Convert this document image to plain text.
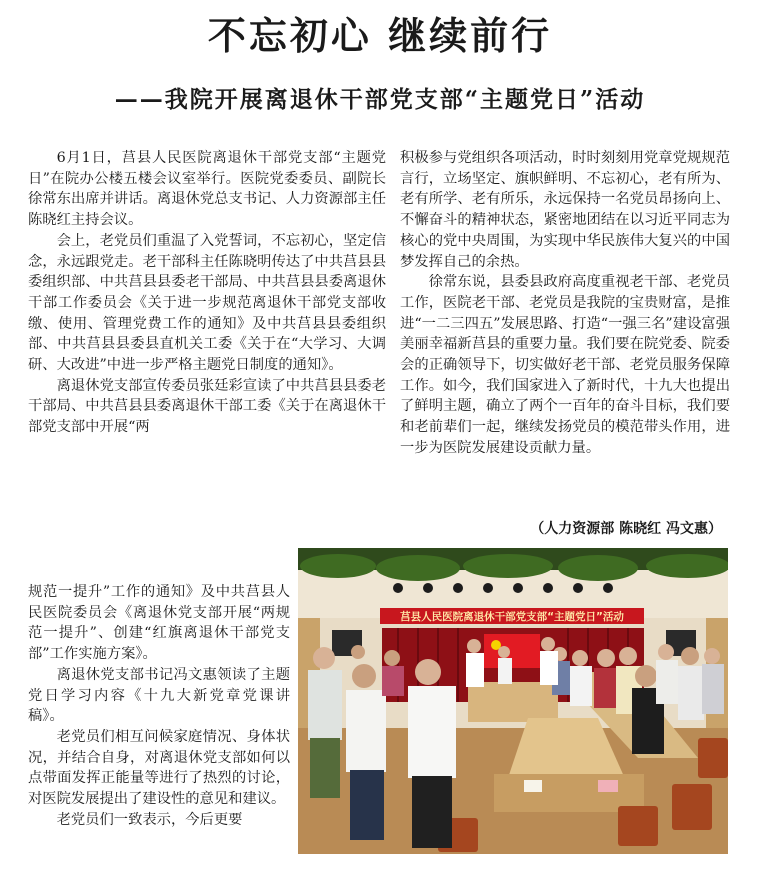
不忘初心 继续前行
——我院开展离退休干部党支部“主题党日”活动

6月1日，莒县人民医院离退休干部党支部“主题党日”在院办公楼五楼会议室举行。医院党委委员、副院长徐常东出席并讲话。离退休党总支书记、人力资源部主任陈晓红主持会议。

会上，老党员们重温了入党誓词，不忘初心，坚定信念，永远跟党走。老干部科主任陈晓明传达了中共莒县县委组织部、中共莒县县委老干部局、中共莒县县委离退休干部工作委员会《关于进一步规范离退休干部党支部收缴、使用、管理党费工作的通知》及中共莒县县委组织部、中共莒县县委县直机关工委《关于在“大学习、大调研、大改进”中进一步严格主题党日制度的通知》。

离退休党支部宣传委员张廷彩宣读了中共莒县县委老干部局、中共莒县县委离退休干部工委《关于在离退休干部党支部中开展“两

规范一提升”工作的通知》及中共莒县人民医院委员会《离退休党支部开展“两规范一提升”、创建“红旗离退休干部党支部”工作实施方案》。

离退休党支部书记冯文惠领读了主题党日学习内容《十九大新党章党课讲稿》。

老党员们相互问候家庭情况、身体状况，并结合自身，对离退休党支部如何以点带面发挥正能量等进行了热烈的讨论，对医院发展提出了建设性的意见和建议。

老党员们一致表示，今后更要

积极参与党组织各项活动，时时刻刻用党章党规规范言行，立场坚定、旗帜鲜明、不忘初心，老有所为、老有所学、老有所乐，永远保持一名党员昂扬向上、不懈奋斗的精神状态，紧密地团结在以习近平同志为核心的党中央周围，为实现中华民族伟大复兴的中国梦发挥自己的余热。

徐常东说，县委县政府高度重视老干部、老党员工作，医院老干部、老党员是我院的宝贵财富，是推进“一二三四五”发展思路、打造“一强三名”建设富强美丽幸福新莒县的重要力量。我们要在院党委、院委会的正确领导下，切实做好老干部、老党员服务保障工作。如今，我们国家进入了新时代，十九大也提出了鲜明主题，确立了两个一百年的奋斗目标，我们要和老前辈们一起，继续发扬党员的模范带头作用，进一步为医院发展建设贡献力量。

（人力资源部 陈晓红 冯文惠）
莒县人民医院离退休干部党支部“主题党日”活动
